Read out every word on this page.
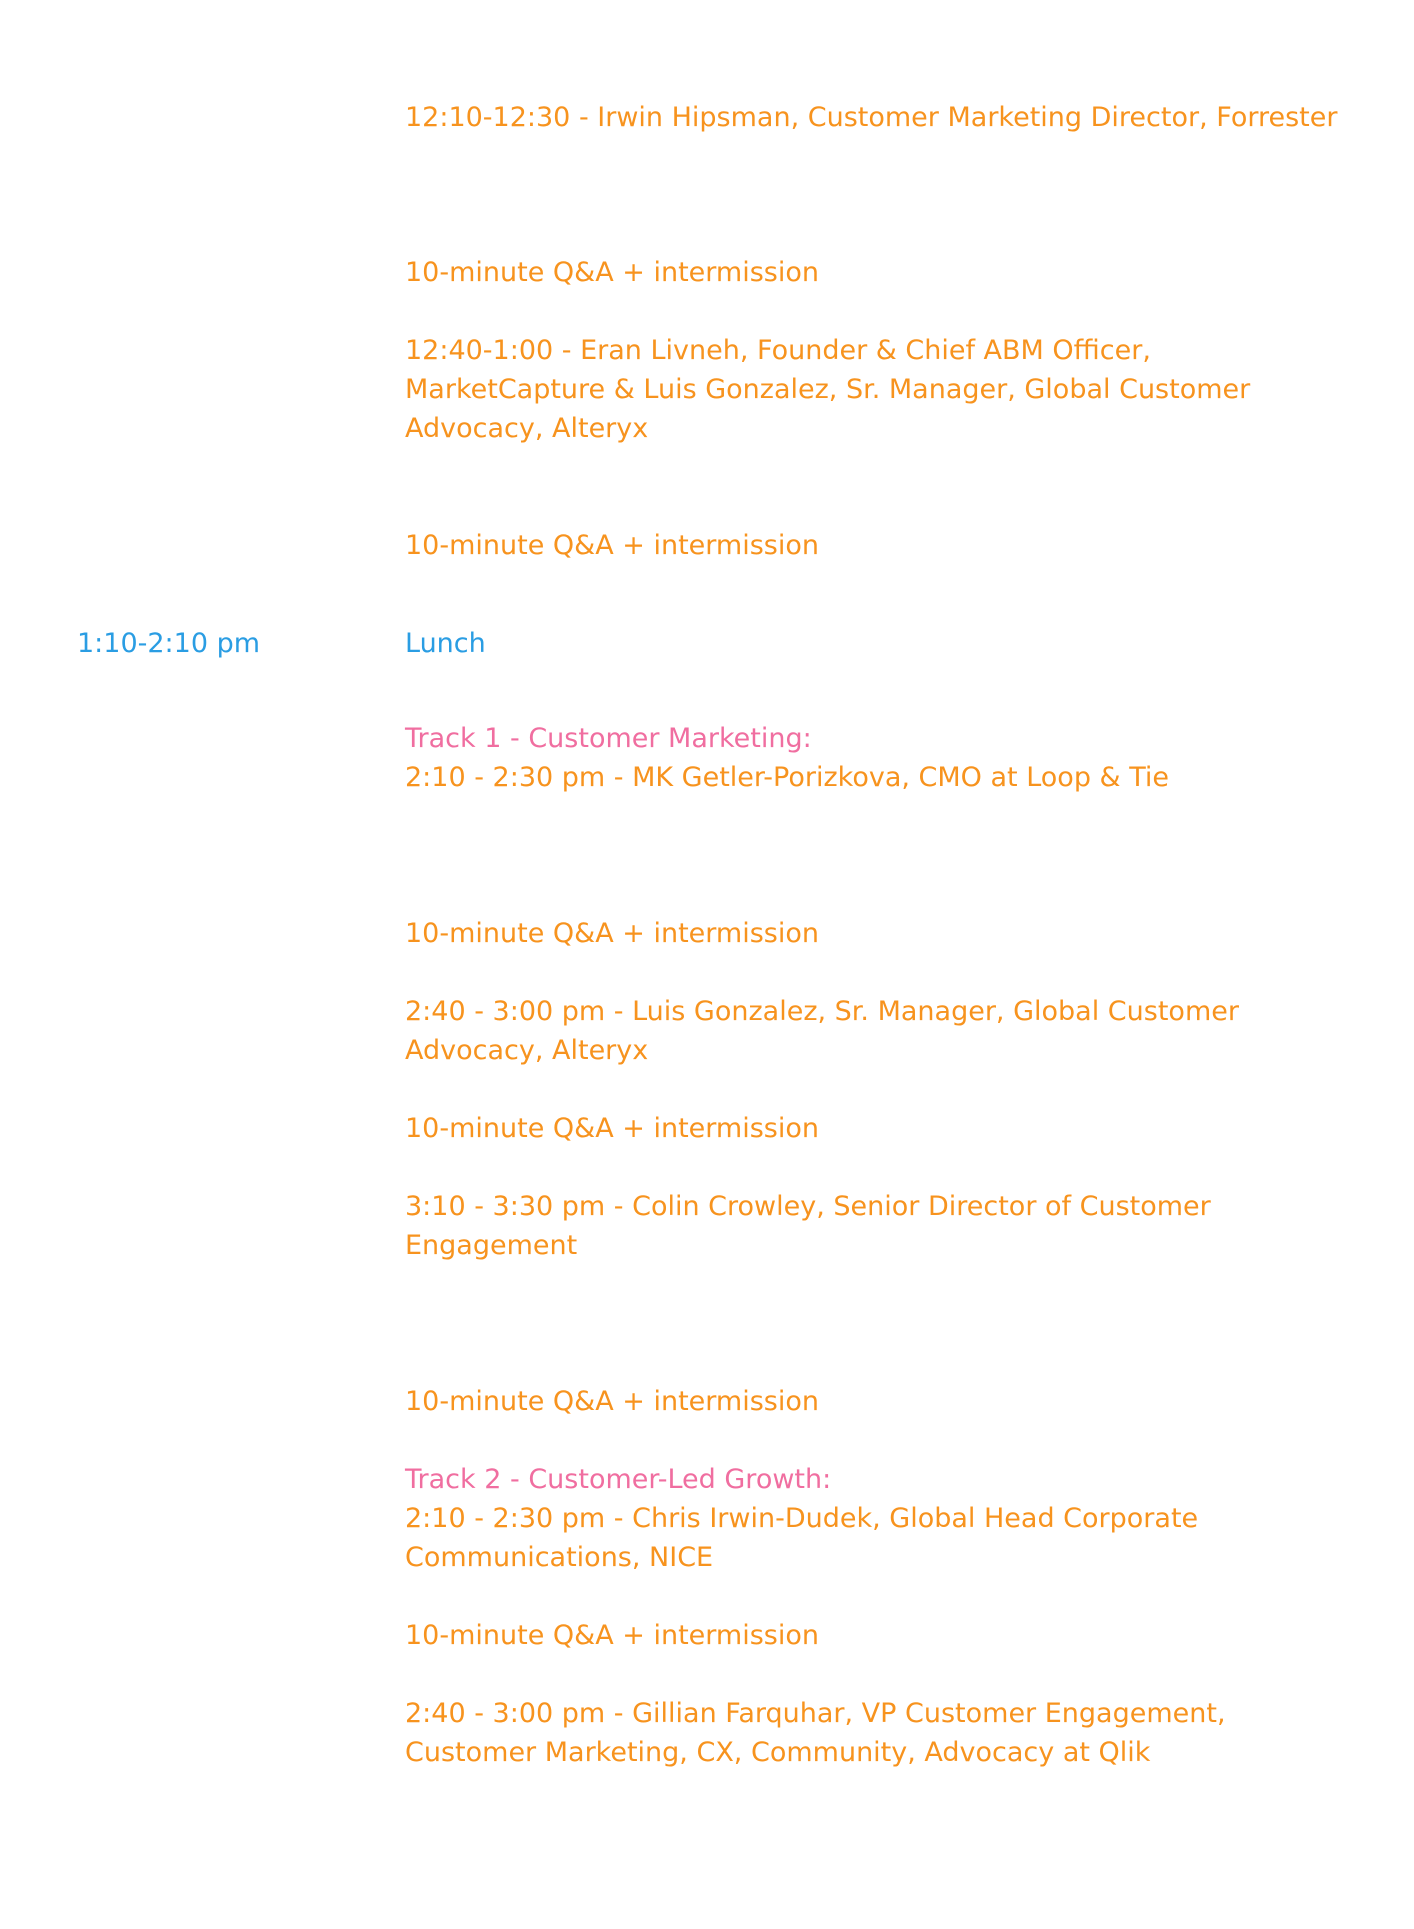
12:10-12:30 - Irwin Hipsman, Customer Marketing Director, Forrester
10-minute Q&A + intermission
12:40-1:00 - Eran Livneh, Founder & Chief ABM Officer,
MarketCapture & Luis Gonzalez, Sr. Manager, Global Customer
Advocacy, Alteryx
10-minute Q&A + intermission
1:10-2:10 pm	Lunch
Track 1 - Customer Marketing:
2:10 - 2:30 pm - MK Getler-Porizkova, CMO at Loop & Tie
10-minute Q&A + intermission
2:40 - 3:00 pm - Luis Gonzalez, Sr. Manager, Global Customer
Advocacy, Alteryx
10-minute Q&A + intermission
3:10 - 3:30 pm - Colin Crowley, Senior Director of Customer
Engagement
10-minute Q&A + intermission
Track 2 - Customer-Led Growth:
2:10 - 2:30 pm - Chris Irwin-Dudek, Global Head Corporate
Communications, NICE
10-minute Q&A + intermission
2:40 - 3:00 pm - Gillian Farquhar, VP Customer Engagement,
Customer Marketing, CX, Community, Advocacy at Qlik
